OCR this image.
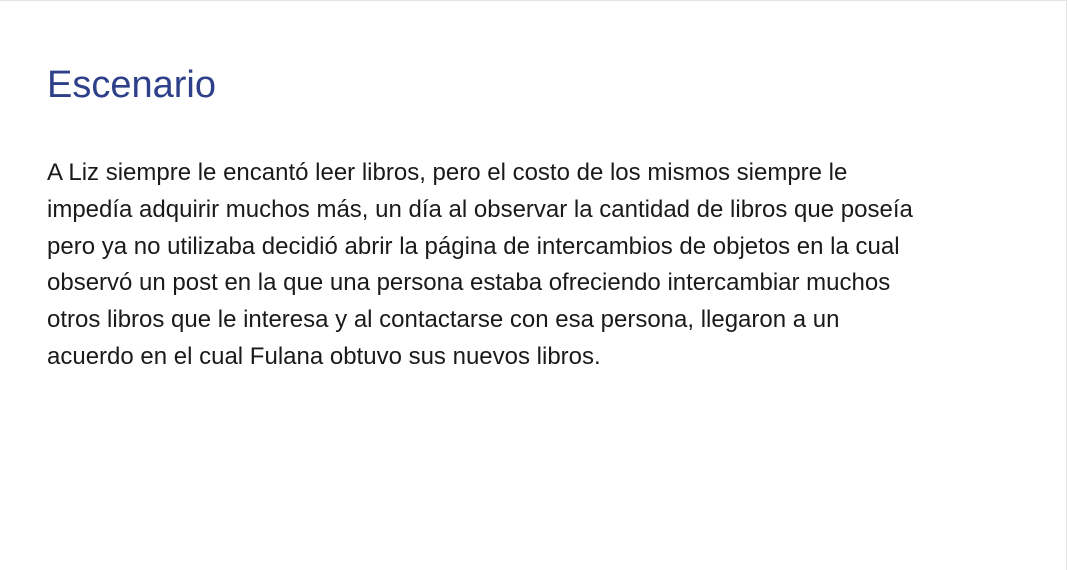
Escenario

A Liz siempre le encantó leer libros, pero el costo de los mismos siempre le
impedía adquirir muchos más, un día al observar la cantidad de libros que poseía
pero ya no utilizaba decidió abrir la página de intercambios de objetos en la cual
observó un post en la que una persona estaba ofreciendo intercambiar muchos
otros libros que le interesa y al contactarse con esa persona, llegaron a un
acuerdo en el cual Fulana obtuvo sus nuevos libros.
